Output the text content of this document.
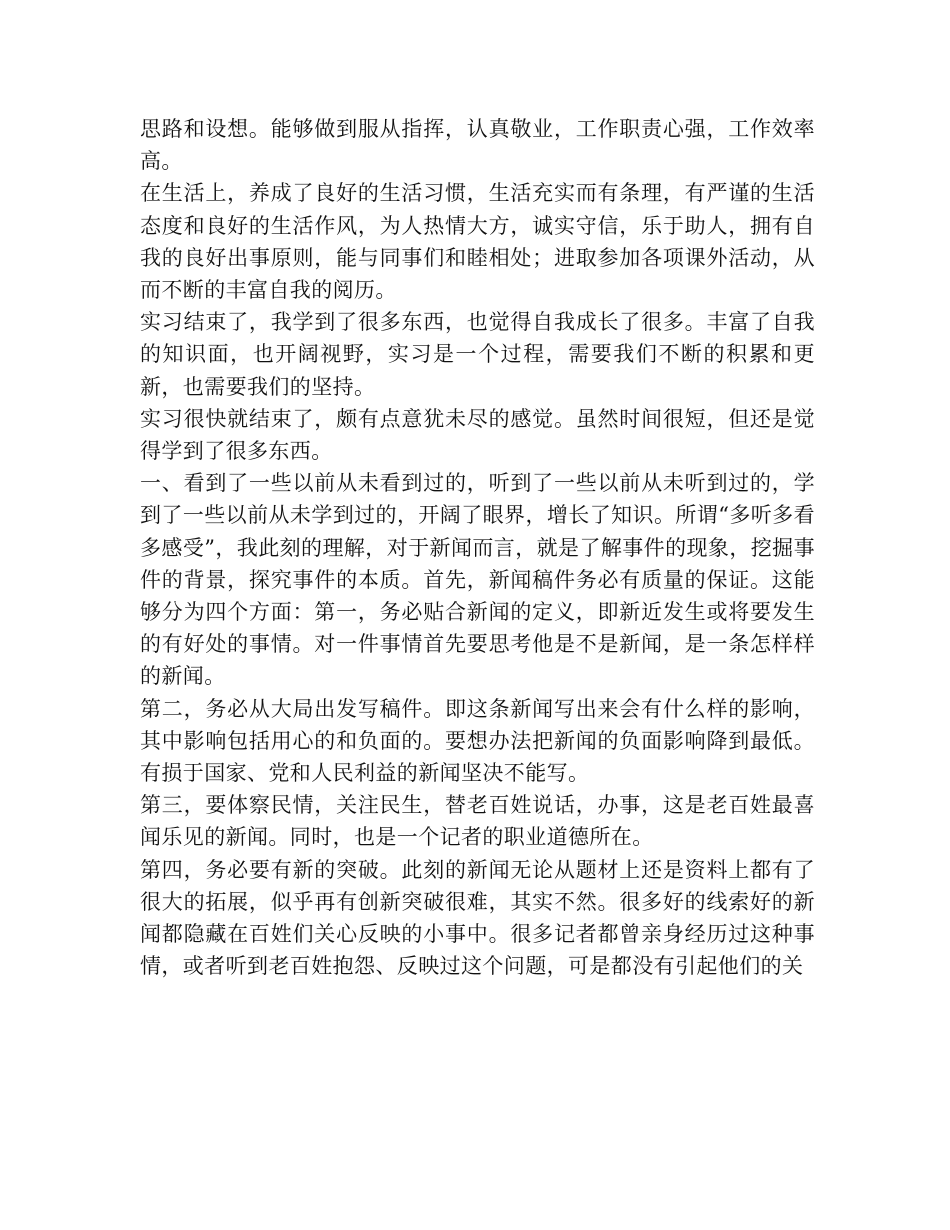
思路和设想。能够做到服从指挥，认真敬业，工作职责心强，工作效率高。

在生活上，养成了良好的生活习惯，生活充实而有条理，有严谨的生活态度和良好的生活作风，为人热情大方，诚实守信，乐于助人，拥有自我的良好出事原则，能与同事们和睦相处；进取参加各项课外活动，从而不断的丰富自我的阅历。

实习结束了，我学到了很多东西，也觉得自我成长了很多。丰富了自我的知识面，也开阔视野，实习是一个过程，需要我们不断的积累和更新，也需要我们的坚持。

实习很快就结束了，颇有点意犹未尽的感觉。虽然时间很短，但还是觉得学到了很多东西。

一、看到了一些以前从未看到过的，听到了一些以前从未听到过的，学到了一些以前从未学到过的，开阔了眼界，增长了知识。所谓“多听多看多感受”，我此刻的理解，对于新闻而言，就是了解事件的现象，挖掘事件的背景，探究事件的本质。首先，新闻稿件务必有质量的保证。这能够分为四个方面：第一，务必贴合新闻的定义，即新近发生或将要发生的有好处的事情。对一件事情首先要思考他是不是新闻，是一条怎样样的新闻。

第二，务必从大局出发写稿件。即这条新闻写出来会有什么样的影响，其中影响包括用心的和负面的。要想办法把新闻的负面影响降到最低。有损于国家、党和人民利益的新闻坚决不能写。

第三，要体察民情，关注民生，替老百姓说话，办事，这是老百姓最喜闻乐见的新闻。同时，也是一个记者的职业道德所在。

第四，务必要有新的突破。此刻的新闻无论从题材上还是资料上都有了很大的拓展，似乎再有创新突破很难，其实不然。很多好的线索好的新闻都隐藏在百姓们关心反映的小事中。很多记者都曾亲身经历过这种事情，或者听到老百姓抱怨、反映过这个问题，可是都没有引起他们的关
